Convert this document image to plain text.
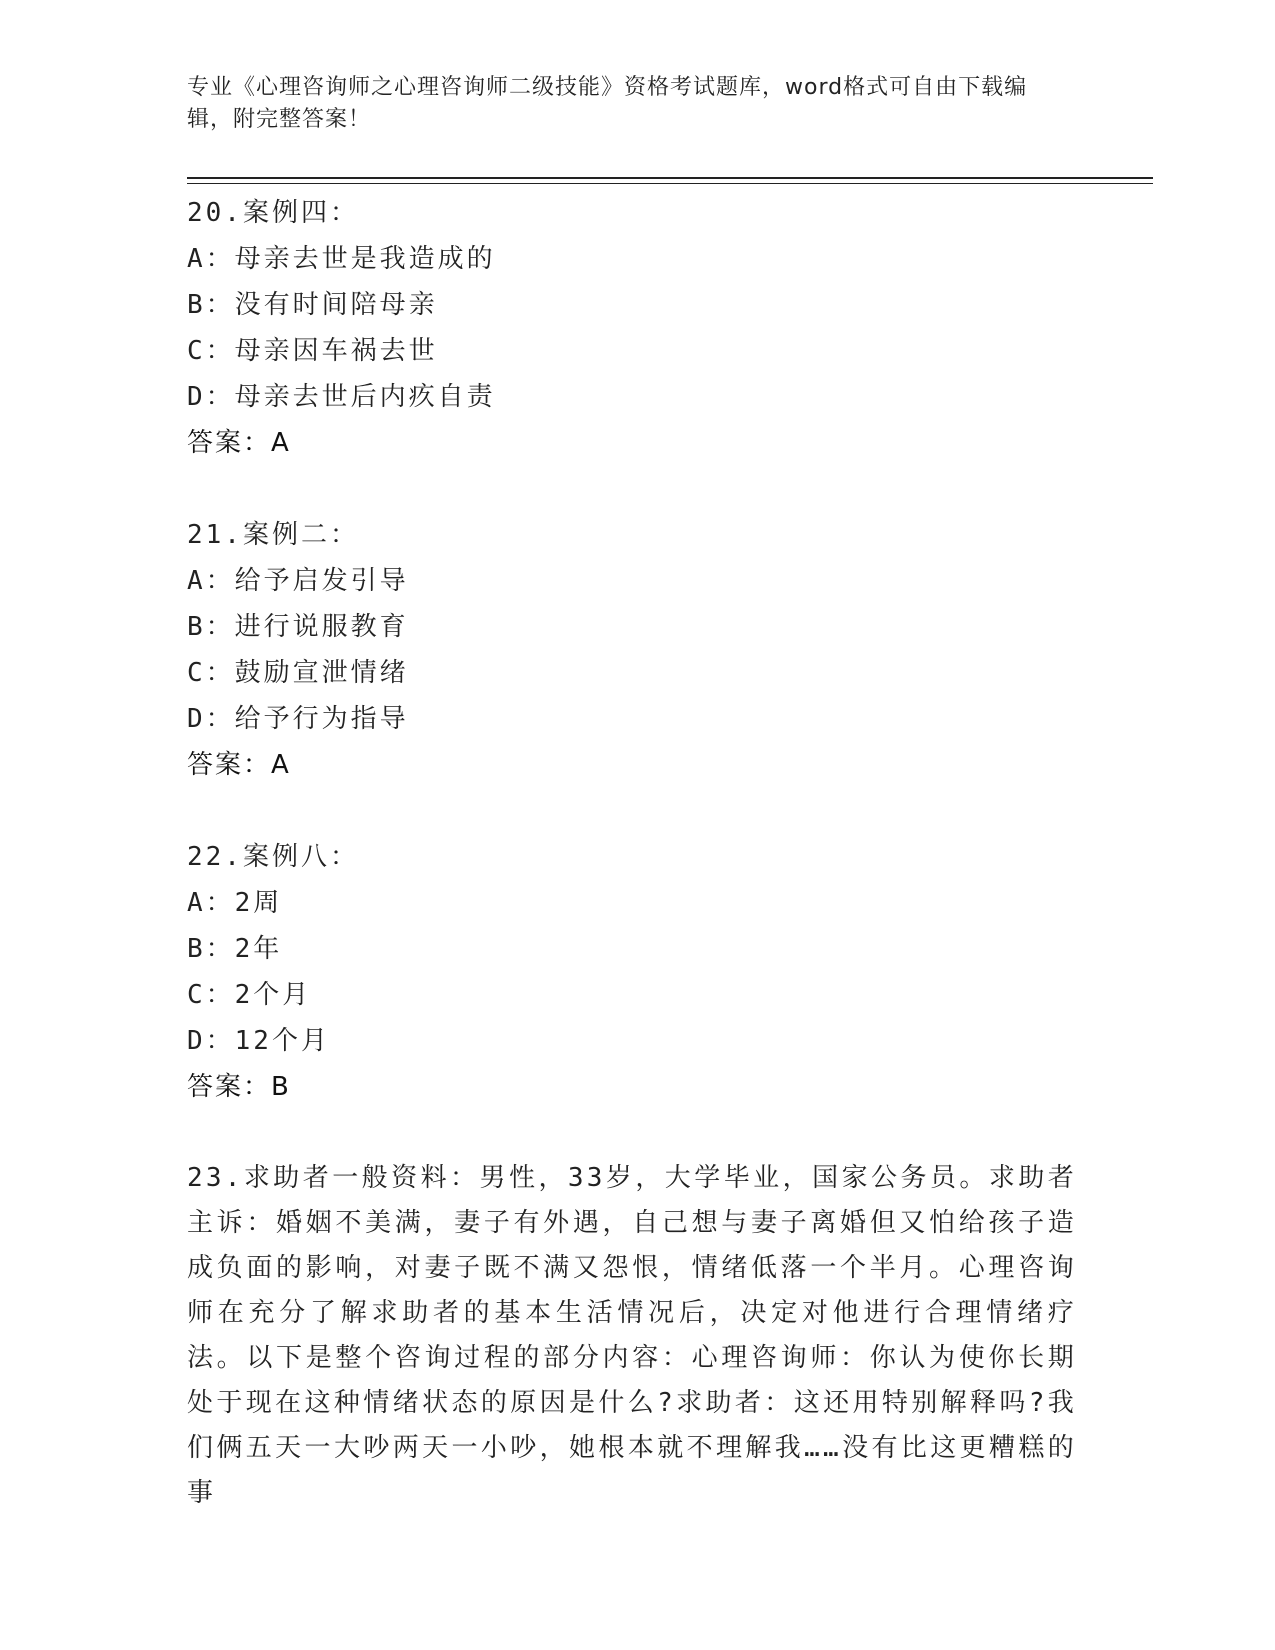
专业《心理咨询师之心理咨询师二级技能》资格考试题库，word格式可自由下载编辑，附完整答案！
20.案例四：
A：母亲去世是我造成的
B：没有时间陪母亲
C：母亲因车祸去世
D：母亲去世后内疚自责
答案：A
21.案例二：
A：给予启发引导
B：进行说服教育
C：鼓励宣泄情绪
D：给予行为指导
答案：A
22.案例八：
A：2周
B：2年
C：2个月
D：12个月
答案：B
23.求助者一般资料：男性，33岁，大学毕业，国家公务员。求助者主诉：婚姻不美满，妻子有外遇，自己想与妻子离婚但又怕给孩子造成负面的影响，对妻子既不满又怨恨，情绪低落一个半月。心理咨询师在充分了解求助者的基本生活情况后，决定对他进行合理情绪疗法。以下是整个咨询过程的部分内容：心理咨询师：你认为使你长期处于现在这种情绪状态的原因是什么?求助者：这还用特别解释吗?我们俩五天一大吵两天一小吵，她根本就不理解我……没有比这更糟糕的事
